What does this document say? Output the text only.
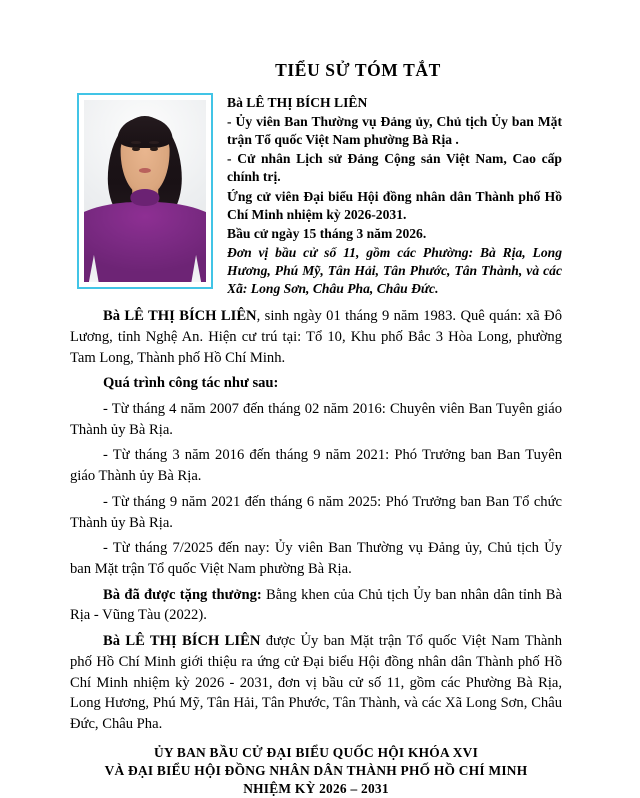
TIỂU SỬ TÓM TẮT

Bà LÊ THỊ BÍCH LIÊN

- Ủy viên Ban Thường vụ Đảng ủy, Chủ tịch Ủy ban Mặt trận Tổ quốc Việt Nam phường Bà Rịa .

- Cử nhân Lịch sử Đảng Cộng sản Việt Nam, Cao cấp chính trị.

Ứng cử viên Đại biểu Hội đồng nhân dân Thành phố Hồ Chí Minh nhiệm kỳ 2026-2031.

Bầu cử ngày 15 tháng 3 năm 2026.

Đơn vị bầu cử số 11, gồm các Phường: Bà Rịa, Long Hương, Phú Mỹ, Tân Hải, Tân Phước, Tân Thành, và các Xã: Long Sơn, Châu Pha, Châu Đức.

Bà LÊ THỊ BÍCH LIÊN, sinh ngày 01 tháng 9 năm 1983. Quê quán: xã Đô Lương, tỉnh Nghệ An. Hiện cư trú tại: Tổ 10, Khu phố Bắc 3 Hòa Long, phường Tam Long, Thành phố Hồ Chí Minh.

Quá trình công tác như sau:

- Từ tháng 4 năm 2007 đến tháng 02 năm 2016: Chuyên viên Ban Tuyên giáo Thành ủy Bà Rịa.

- Từ tháng 3 năm 2016 đến tháng 9 năm 2021: Phó Trưởng ban Ban Tuyên giáo Thành ủy Bà Rịa.

- Từ tháng 9 năm 2021 đến tháng 6 năm 2025: Phó Trưởng ban Ban Tổ chức Thành ủy Bà Rịa.

- Từ tháng 7/2025 đến nay: Ủy viên Ban Thường vụ Đảng ủy, Chủ tịch Ủy ban Mặt trận Tổ quốc Việt Nam phường Bà Rịa.

Bà đã được tặng thưởng: Bằng khen của Chủ tịch Ủy ban nhân dân tỉnh Bà Rịa - Vũng Tàu (2022).

Bà LÊ THỊ BÍCH LIÊN được Ủy ban Mặt trận Tổ quốc Việt Nam Thành phố Hồ Chí Minh giới thiệu ra ứng cử Đại biểu Hội đồng nhân dân Thành phố Hồ Chí Minh nhiệm kỳ 2026 - 2031, đơn vị bầu cử số 11, gồm các Phường Bà Rịa, Long Hương, Phú Mỹ, Tân Hải, Tân Phước, Tân Thành, và các Xã Long Sơn, Châu Đức, Châu Pha.

ỦY BAN BẦU CỬ ĐẠI BIỂU QUỐC HỘI KHÓA XVI
VÀ ĐẠI BIỂU HỘI ĐỒNG NHÂN DÂN THÀNH PHỐ HỒ CHÍ MINH
NHIỆM KỲ 2026 – 2031
